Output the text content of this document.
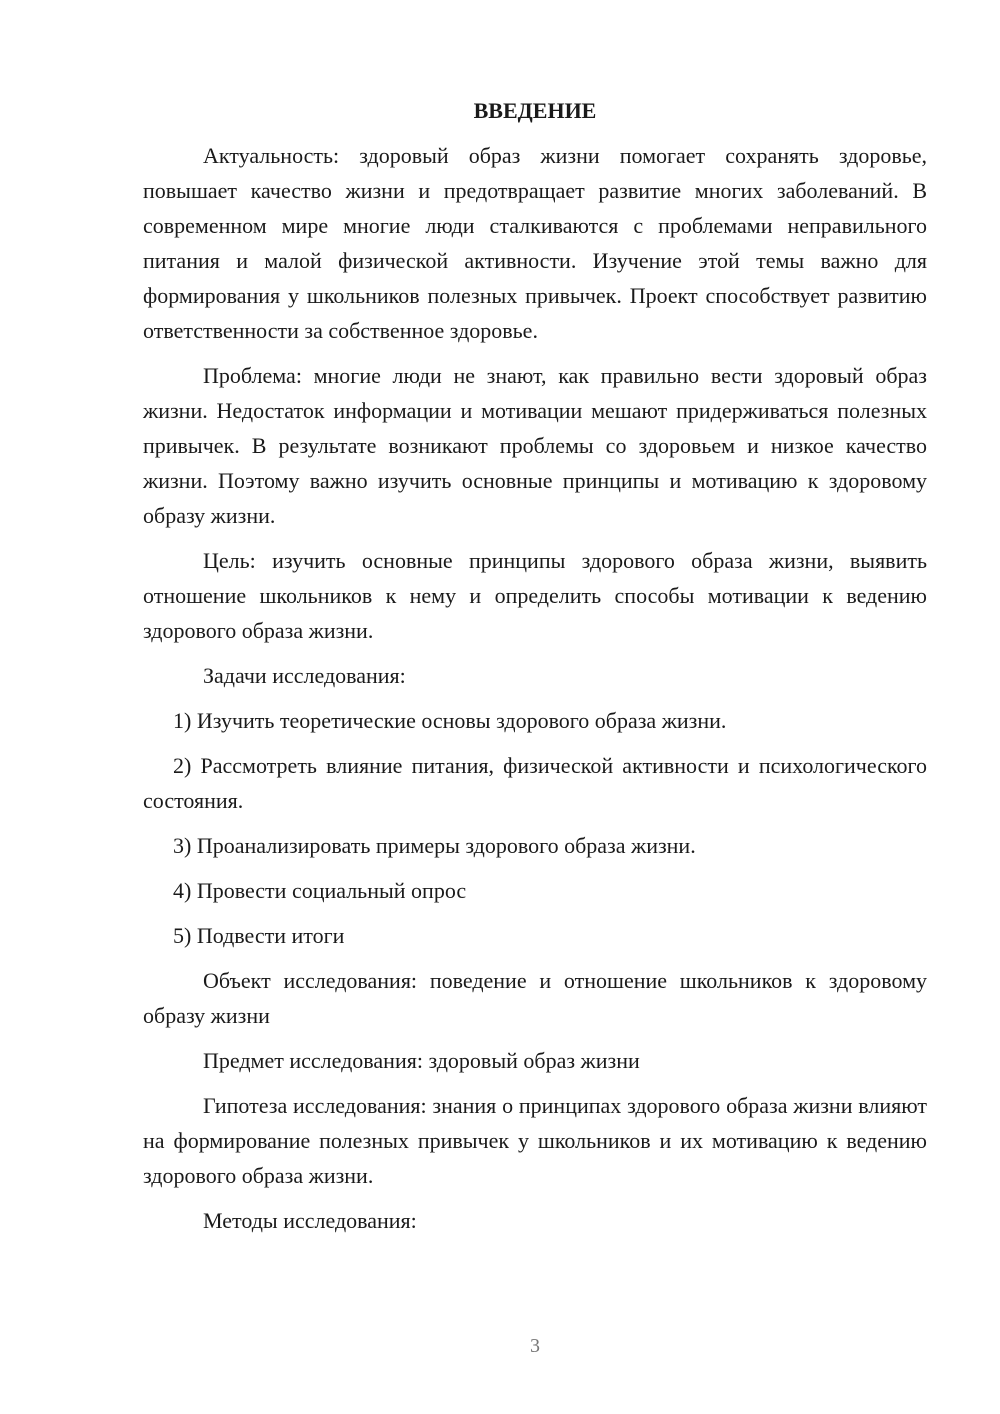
ВВЕДЕНИЕ

Актуальность: здоровый образ жизни помогает сохранять здоровье, повышает качество жизни и предотвращает развитие многих заболеваний. В современном мире многие люди сталкиваются с проблемами неправильного питания и малой физической активности. Изучение этой темы важно для формирования у школьников полезных привычек. Проект способствует развитию ответственности за собственное здоровье.

Проблема: многие люди не знают, как правильно вести здоровый образ жизни. Недостаток информации и мотивации мешают придерживаться полезных привычек. В результате возникают проблемы со здоровьем и низкое качество жизни. Поэтому важно изучить основные принципы и мотивацию к здоровому образу жизни.

Цель: изучить основные принципы здорового образа жизни, выявить отношение школьников к нему и определить способы мотивации к ведению здорового образа жизни.

Задачи исследования:

1) Изучить теоретические основы здорового образа жизни.

2) Рассмотреть влияние питания, физической активности и психологического состояния.

3) Проанализировать примеры здорового образа жизни.

4) Провести социальный опрос

5) Подвести итоги

Объект исследования: поведение и отношение школьников к здоровому образу жизни

Предмет исследования: здоровый образ жизни

Гипотеза исследования: знания о принципах здорового образа жизни влияют на формирование полезных привычек у школьников и их мотивацию к ведению здорового образа жизни.

Методы исследования:

3
